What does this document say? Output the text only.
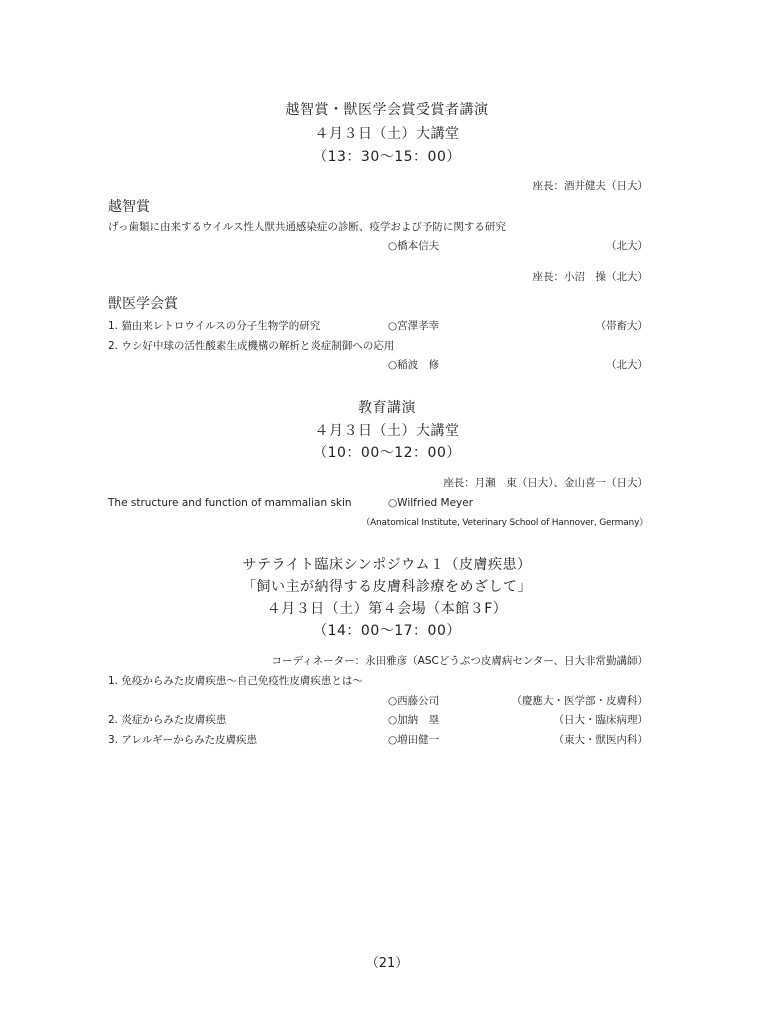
越智賞・獣医学会賞受賞者講演
４月３日（土）大講堂
（13：30～15：00）
座長：酒井健夫（日大）
越智賞
げっ歯類に由来するウイルス性人獣共通感染症の診断、疫学および予防に関する研究
○橋本信夫	（北大）
座長：小沼　操（北大）
獣医学会賞
1. 猫由来レトロウイルスの分子生物学的研究	○宮澤孝幸	（帯畜大）
2. ウシ好中球の活性酸素生成機構の解析と炎症制御への応用
○稲波　修	（北大）
教育講演
４月３日（土）大講堂
（10：00～12：00）
座長：月瀬　東（日大）、金山喜一（日大）
The structure and function of mammalian skin	○Wilfried Meyer
（Anatomical Institute, Veterinary School of Hannover, Germany）
サテライト臨床シンポジウム１（皮膚疾患）
「飼い主が納得する皮膚科診療をめざして」
４月３日（土）第４会場（本館３F）
（14：00～17：00）
コーディネーター：永田雅彦（ASCどうぶつ皮膚病センター、日大非常勤講師）
1. 免疫からみた皮膚疾患～自己免疫性皮膚疾患とは～
○西藤公司	（慶應大・医学部・皮膚科）
2. 炎症からみた皮膚疾患	○加納　塁	（日大・臨床病理）
3. アレルギーからみた皮膚疾患	○増田健一	（東大・獣医内科）
（21）
